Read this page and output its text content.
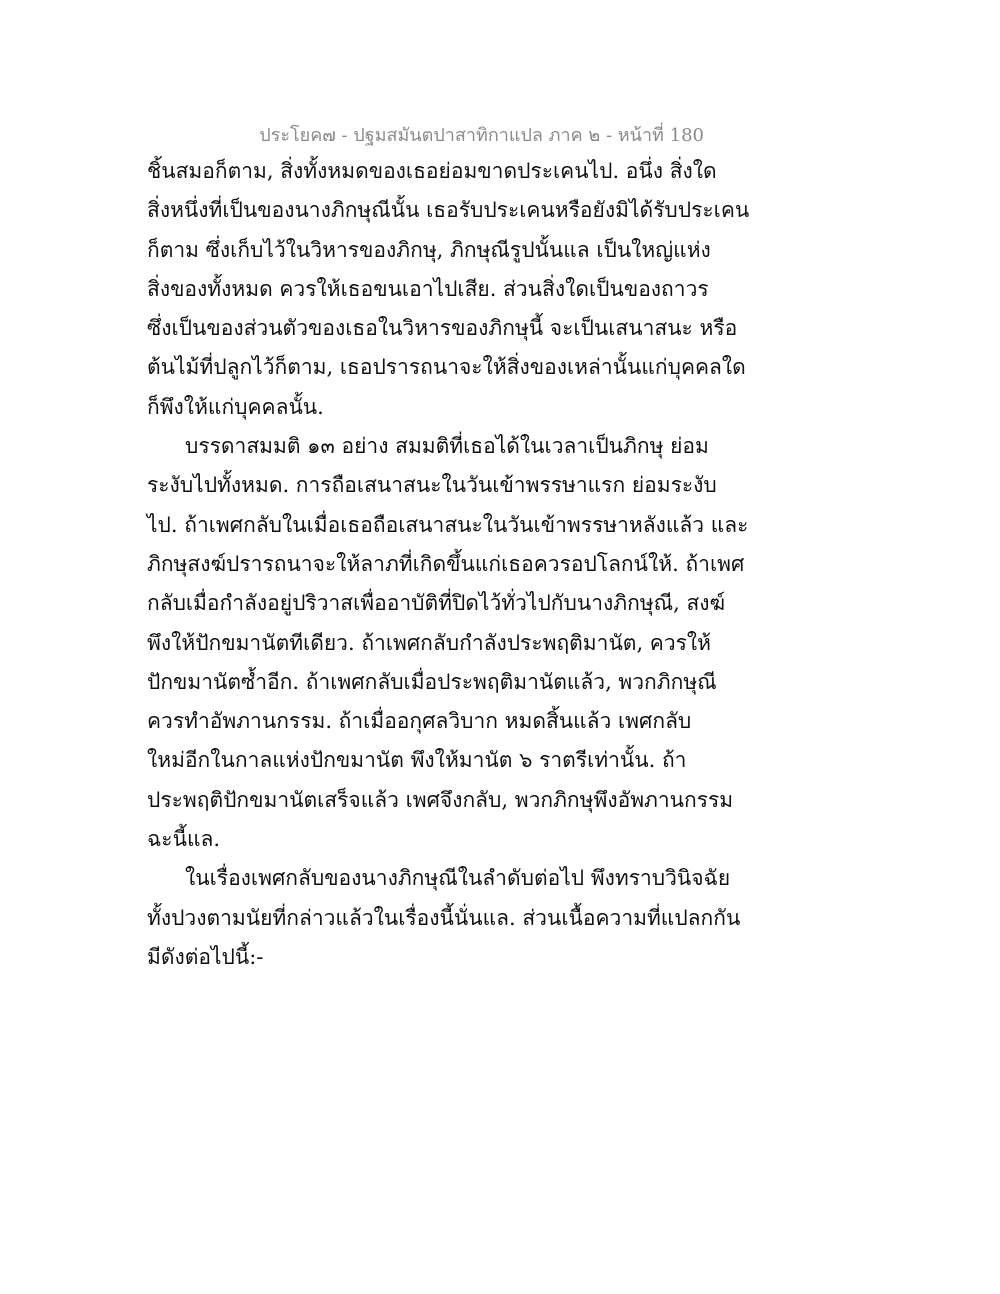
ประโยค๗ - ปฐมสมันตปาสาทิกาแปล ภาค ๒ - หน้าที่ 180
ชิ้นสมอก็ตาม, สิ่งทั้งหมดของเธอย่อมขาดประเคนไป. อนึ่ง สิ่งใด
สิ่งหนึ่งที่เป็นของนางภิกษุณีนั้น เธอรับประเคนหรือยังมิได้รับประเคน
ก็ตาม ซึ่งเก็บไว้ในวิหารของภิกษุ, ภิกษุณีรูปนั้นแล เป็นใหญ่แห่ง
สิ่งของทั้งหมด ควรให้เธอขนเอาไปเสีย. ส่วนสิ่งใดเป็นของถาวร
ซึ่งเป็นของส่วนตัวของเธอในวิหารของภิกษุนี้ จะเป็นเสนาสนะ หรือ
ต้นไม้ที่ปลูกไว้ก็ตาม, เธอปรารถนาจะให้สิ่งของเหล่านั้นแก่บุคคลใด
ก็พึงให้แก่บุคคลนั้น.
บรรดาสมมติ ๑๓ อย่าง สมมติที่เธอได้ในเวลาเป็นภิกษุ ย่อม
ระงับไปทั้งหมด. การถือเสนาสนะในวันเข้าพรรษาแรก ย่อมระงับ
ไป. ถ้าเพศกลับในเมื่อเธอถือเสนาสนะในวันเข้าพรรษาหลังแล้ว และ
ภิกษุสงฆ์ปรารถนาจะให้ลาภที่เกิดขึ้นแก่เธอควรอปโลกน์ให้. ถ้าเพศ
กลับเมื่อกำลังอยู่ปริวาสเพื่ออาบัติที่ปิดไว้ทั่วไปกับนางภิกษุณี, สงฆ์
พึงให้ปักขมานัตทีเดียว. ถ้าเพศกลับกำลังประพฤติมานัต, ควรให้
ปักขมานัตซ้ำอีก. ถ้าเพศกลับเมื่อประพฤติมานัตแล้ว, พวกภิกษุณี
ควรทำอัพภานกรรม. ถ้าเมื่ออกุศลวิบาก หมดสิ้นแล้ว เพศกลับ
ใหม่อีกในกาลแห่งปักขมานัต พึงให้มานัต ๖ ราตรีเท่านั้น. ถ้า
ประพฤติปักขมานัตเสร็จแล้ว เพศจึงกลับ, พวกภิกษุพึงอัพภานกรรม
ฉะนี้แล.
ในเรื่องเพศกลับของนางภิกษุณีในลำดับต่อไป พึงทราบวินิจฉัย
ทั้งปวงตามนัยที่กล่าวแล้วในเรื่องนี้นั่นแล. ส่วนเนื้อความที่แปลกกัน
มีดังต่อไปนี้:-
